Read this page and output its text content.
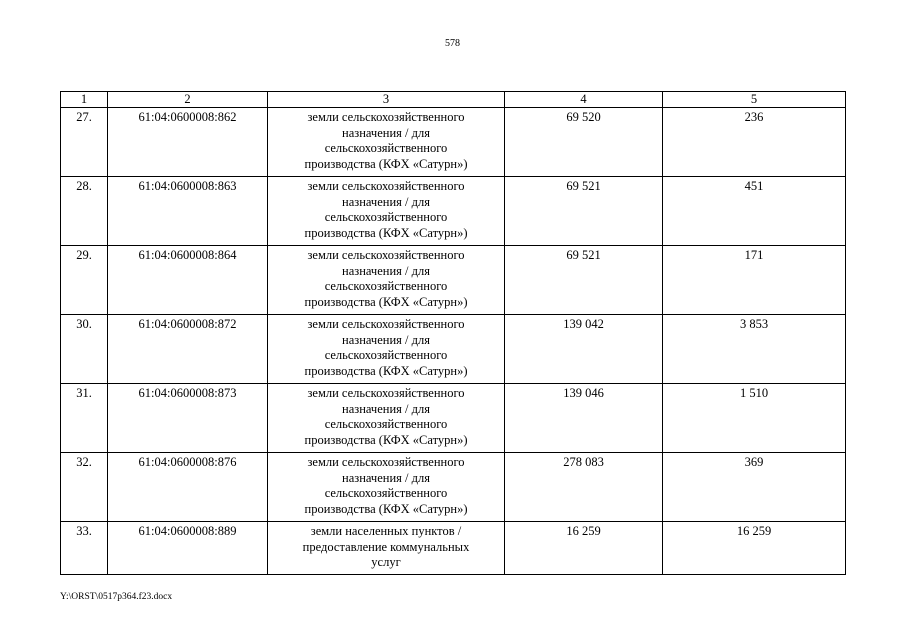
578
1	2	3	4	5
27.	61:04:0600008:862	земли сельскохозяйственного
назначения / для
сельскохозяйственного
производства (КФХ «Сатурн»)	69 520	236
28.	61:04:0600008:863	земли сельскохозяйственного
назначения / для
сельскохозяйственного
производства (КФХ «Сатурн»)	69 521	451
29.	61:04:0600008:864	земли сельскохозяйственного
назначения / для
сельскохозяйственного
производства (КФХ «Сатурн»)	69 521	171
30.	61:04:0600008:872	земли сельскохозяйственного
назначения / для
сельскохозяйственного
производства (КФХ «Сатурн»)	139 042	3 853
31.	61:04:0600008:873	земли сельскохозяйственного
назначения / для
сельскохозяйственного
производства (КФХ «Сатурн»)	139 046	1 510
32.	61:04:0600008:876	земли сельскохозяйственного
назначения / для
сельскохозяйственного
производства (КФХ «Сатурн»)	278 083	369
33.	61:04:0600008:889	земли населенных пунктов /
предоставление коммунальных
услуг	16 259	16 259
Y:\ORST\0517p364.f23.docx
